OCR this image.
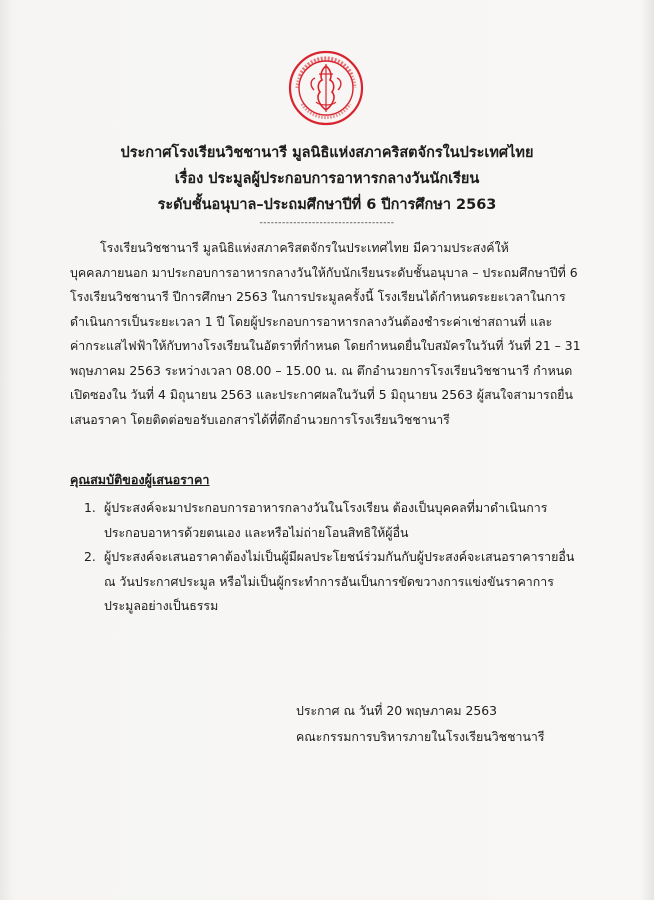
ประกาศโรงเรียนวิชชานารี มูลนิธิแห่งสภาคริสตจักรในประเทศไทย
เรื่อง ประมูลผู้ประกอบการอาหารกลางวันนักเรียน
ระดับชั้นอนุบาล–ประถมศึกษาปีที่ 6 ปีการศึกษา 2563
------------------------------------
โรงเรียนวิชชานารี มูลนิธิแห่งสภาคริสตจักรในประเทศไทย มีความประสงค์ให้
บุคคลภายนอก มาประกอบการอาหารกลางวันให้กับนักเรียนระดับชั้นอนุบาล – ประถมศึกษาปีที่ 6
โรงเรียนวิชชานารี ปีการศึกษา 2563 ในการประมูลครั้งนี้ โรงเรียนได้กำหนดระยะเวลาในการ
ดำเนินการเป็นระยะเวลา 1 ปี โดยผู้ประกอบการอาหารกลางวันต้องชำระค่าเช่าสถานที่ และ
ค่ากระแสไฟฟ้าให้กับทางโรงเรียนในอัตราที่กำหนด โดยกำหนดยื่นใบสมัครในวันที่ วันที่ 21 – 31
พฤษภาคม 2563 ระหว่างเวลา 08.00 – 15.00 น. ณ ตึกอำนวยการโรงเรียนวิชชานารี กำหนด
เปิดซองใน วันที่ 4 มิถุนายน 2563 และประกาศผลในวันที่ 5 มิถุนายน 2563 ผู้สนใจสามารถยื่น
เสนอราคา โดยติดต่อขอรับเอกสารได้ที่ตึกอำนวยการโรงเรียนวิชชานารี
คุณสมบัติของผู้เสนอราคา
1. ผู้ประสงค์จะมาประกอบการอาหารกลางวันในโรงเรียน ต้องเป็นบุคคลที่มาดำเนินการ
ประกอบอาหารด้วยตนเอง และหรือไม่ถ่ายโอนสิทธิให้ผู้อื่น
2. ผู้ประสงค์จะเสนอราคาต้องไม่เป็นผู้มีผลประโยชน์ร่วมกันกับผู้ประสงค์จะเสนอราคารายอื่น
ณ วันประกาศประมูล หรือไม่เป็นผู้กระทำการอันเป็นการขัดขวางการแข่งขันราคาการ
ประมูลอย่างเป็นธรรม
ประกาศ ณ วันที่ 20 พฤษภาคม 2563
คณะกรรมการบริหารภายในโรงเรียนวิชชานารี
